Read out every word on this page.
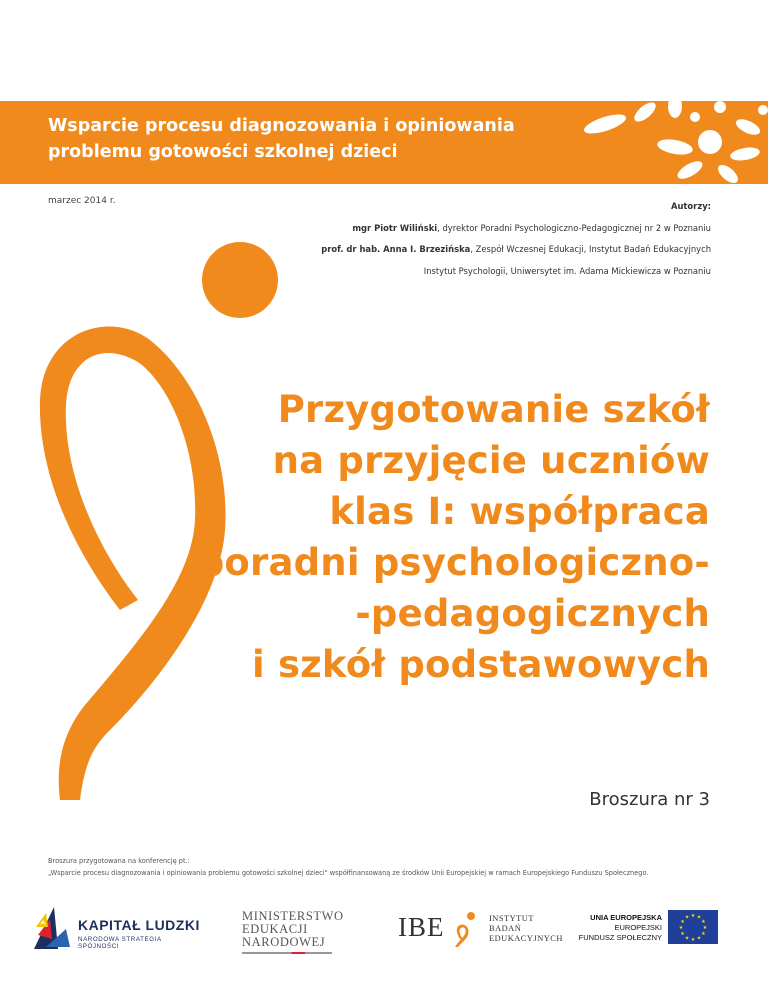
Wsparcie procesu diagnozowania i opiniowania
problemu gotowości szkolnej dzieci
marzec 2014 r.	Autorzy:
mgr Piotr Wiliński, dyrektor Poradni Psychologiczno-Pedagogicznej nr 2 w Poznaniu
prof. dr hab. Anna I. Brzezińska, Zespół Wczesnej Edukacji, Instytut Badań Edukacyjnych
Instytut Psychologii, Uniwersytet im. Adama Mickiewicza w Poznaniu
Przygotowanie szkół
na przyjęcie uczniów
klas I: współpraca
poradni psychologiczno-
-pedagogicznych
i szkół podstawowych
Broszura nr 3
Broszura przygotowana na konferencję pt.:
„Wsparcie procesu diagnozowania i opiniowania problemu gotowości szkolnej dzieci" współfinansowaną ze środków Unii Europejskiej w ramach Europejskiego Funduszu Społecznego.
KAPITAŁ LUDZKI
NARODOWA STRATEGIA SPÓJNOŚCI
MINISTERSTWO
EDUKACJI
NARODOWEJ	IBE	INSTYTUT
BADAŃ
EDUKACYJNYCH
UNIA EUROPEJSKA
EUROPEJSKI
FUNDUSZ SPOŁECZNY
★ ★
★
★
★
★
★
★
★
★
★
★
